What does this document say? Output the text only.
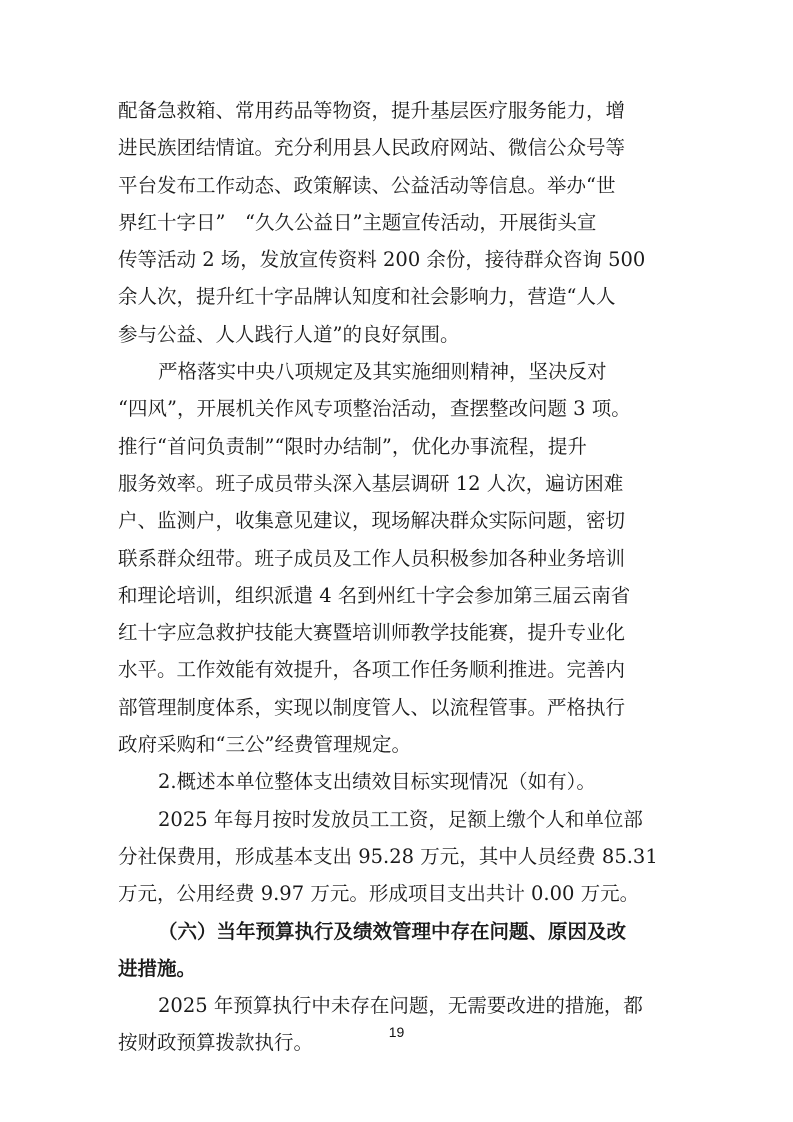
配备急救箱、常用药品等物资，提升基层医疗服务能力，增
进民族团结情谊。充分利用县人民政府网站、微信公众号等
平台发布工作动态、政策解读、公益活动等信息。举办“世
界红十字日”　“久久公益日”主题宣传活动，开展街头宣
传等活动 2 场，发放宣传资料 200 余份，接待群众咨询 500
余人次，提升红十字品牌认知度和社会影响力，营造“人人
参与公益、人人践行人道”的良好氛围。
严格落实中央八项规定及其实施细则精神，坚决反对
“四风”，开展机关作风专项整治活动，查摆整改问题 3 项。
推行“首问负责制”“限时办结制”，优化办事流程，提升
服务效率。班子成员带头深入基层调研 12 人次，遍访困难
户、监测户，收集意见建议，现场解决群众实际问题，密切
联系群众纽带。班子成员及工作人员积极参加各种业务培训
和理论培训，组织派遣 4 名到州红十字会参加第三届云南省
红十字应急救护技能大赛暨培训师教学技能赛，提升专业化
水平。工作效能有效提升，各项工作任务顺利推进。完善内
部管理制度体系，实现以制度管人、以流程管事。严格执行
政府采购和“三公”经费管理规定。
2.概述本单位整体支出绩效目标实现情况（如有）。
2025 年每月按时发放员工工资，足额上缴个人和单位部
分社保费用，形成基本支出 95.28 万元，其中人员经费 85.31
万元，公用经费 9.97 万元。形成项目支出共计 0.00 万元。
（六）当年预算执行及绩效管理中存在问题、原因及改
进措施。
2025 年预算执行中未存在问题，无需要改进的措施，都
按财政预算拨款执行。	19
